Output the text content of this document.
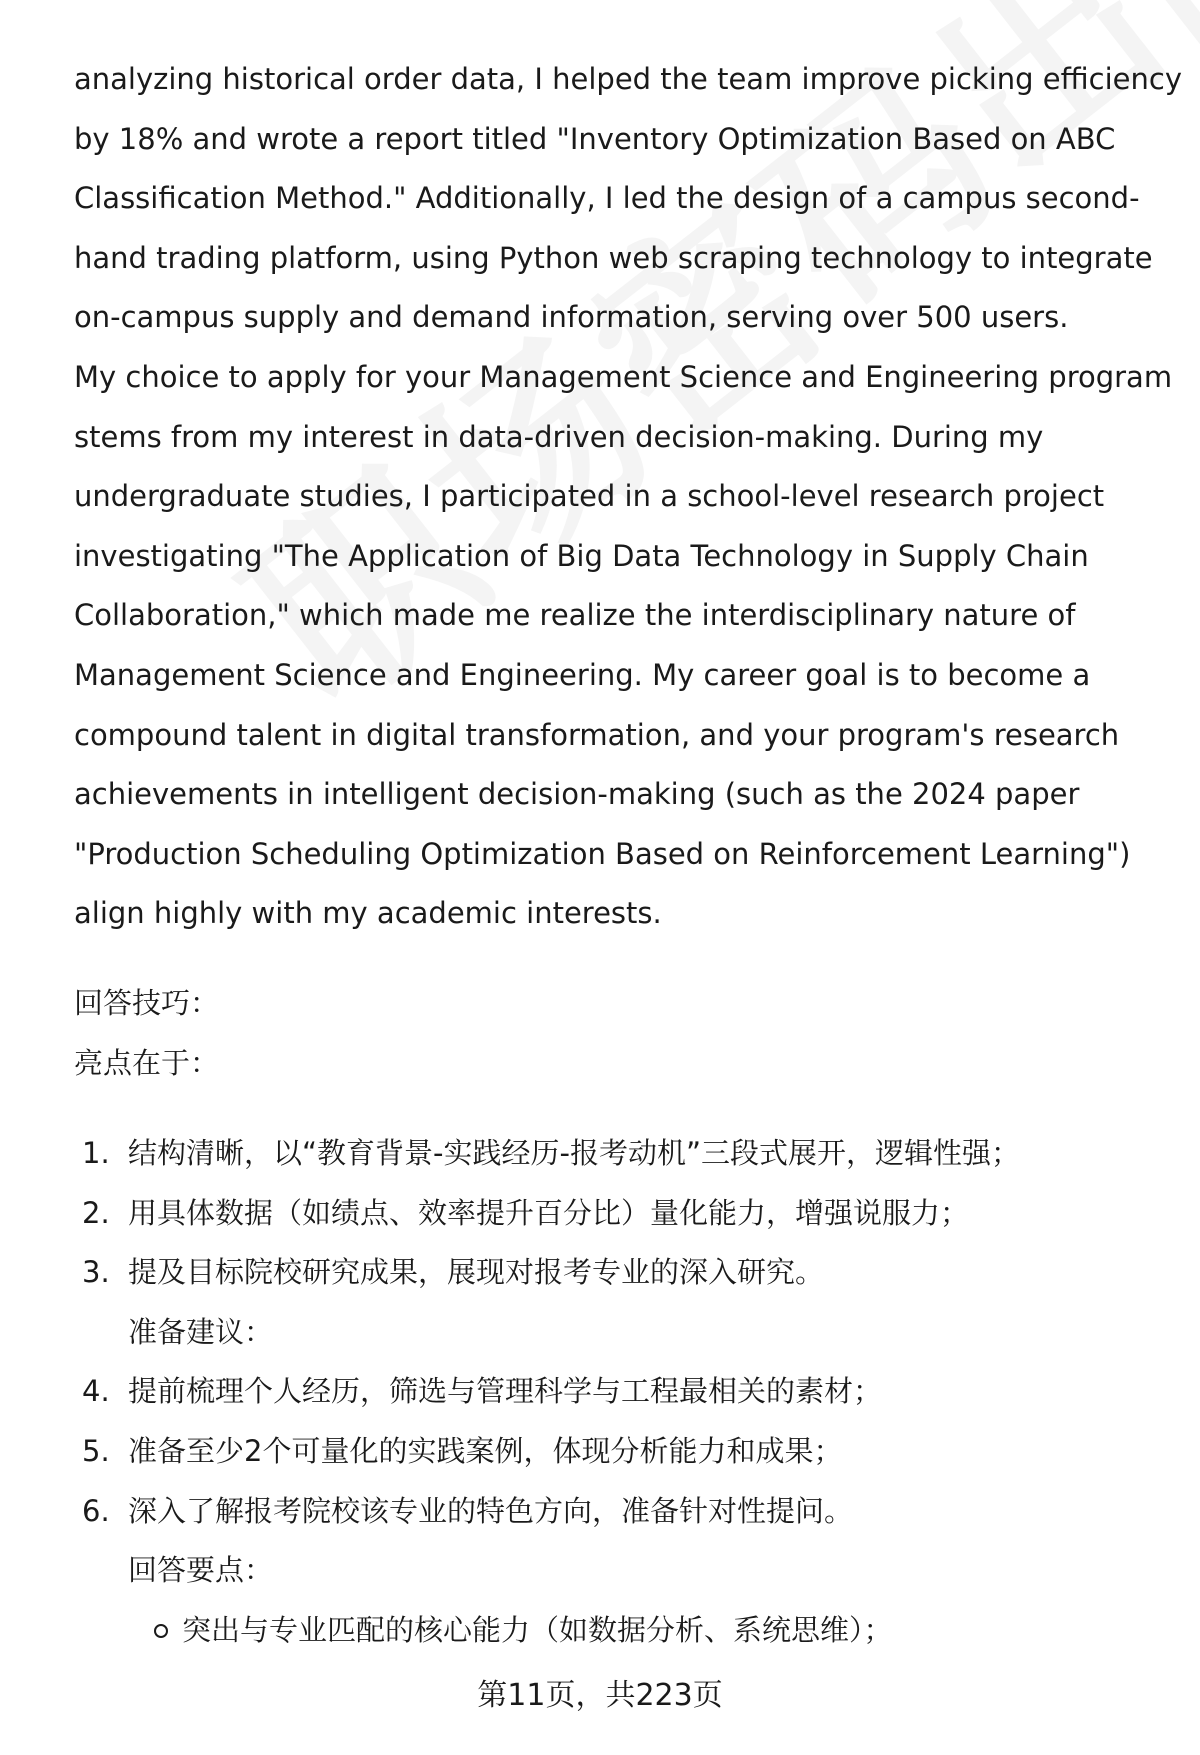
analyzing historical order data, I helped the team improve picking efficiency
by 18% and wrote a report titled "Inventory Optimization Based on ABC
Classification Method." Additionally, I led the design of a campus second-
hand trading platform, using Python web scraping technology to integrate
on-campus supply and demand information, serving over 500 users.
My choice to apply for your Management Science and Engineering program
stems from my interest in data-driven decision-making. During my
undergraduate studies, I participated in a school-level research project
investigating "The Application of Big Data Technology in Supply Chain
Collaboration," which made me realize the interdisciplinary nature of
Management Science and Engineering. My career goal is to become a
compound talent in digital transformation, and your program's research
achievements in intelligent decision-making (such as the 2024 paper
"Production Scheduling Optimization Based on Reinforcement Learning")
align highly with my academic interests.
回答技巧：
亮点在于：
1. 结构清晰，以“教育背景-实践经历-报考动机”三段式展开，逻辑性强；
2. 用具体数据（如绩点、效率提升百分比）量化能力，增强说服力；
3. 提及目标院校研究成果，展现对报考专业的深入研究。
准备建议：
4. 提前梳理个人经历，筛选与管理科学与工程最相关的素材；
5. 准备至少2个可量化的实践案例，体现分析能力和成果；
6. 深入了解报考院校该专业的特色方向，准备针对性提问。
回答要点：
突出与专业匹配的核心能力（如数据分析、系统思维）；
第11页，共223页
